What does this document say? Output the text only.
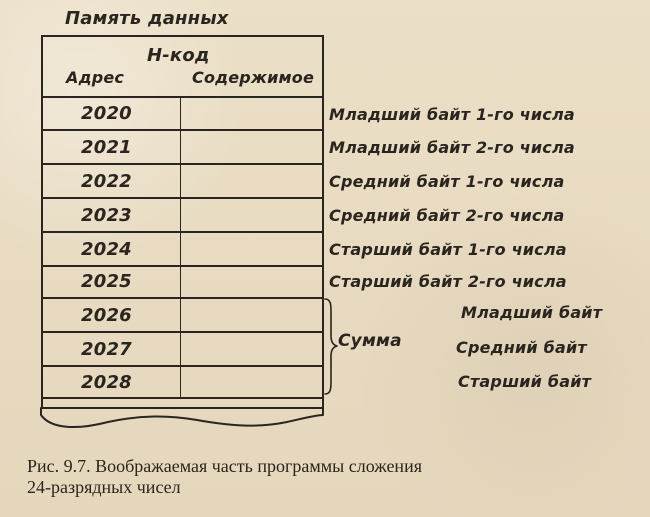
Память данных
Н-код
Адрес	Содержимое
2020
2021
2022
2023
2024
2025
2026
2027
2028
Младший байт 1-го числа
Младший байт 2-го числа
Средний байт 1-го числа
Средний байт 2-го числа
Старший байт 1-го числа
Старший байт 2-го числа
Младший байт
Средний байт
Старший байт
Сумма
Рис. 9.7. Воображаемая часть программы сложения
24-разрядных чисел
